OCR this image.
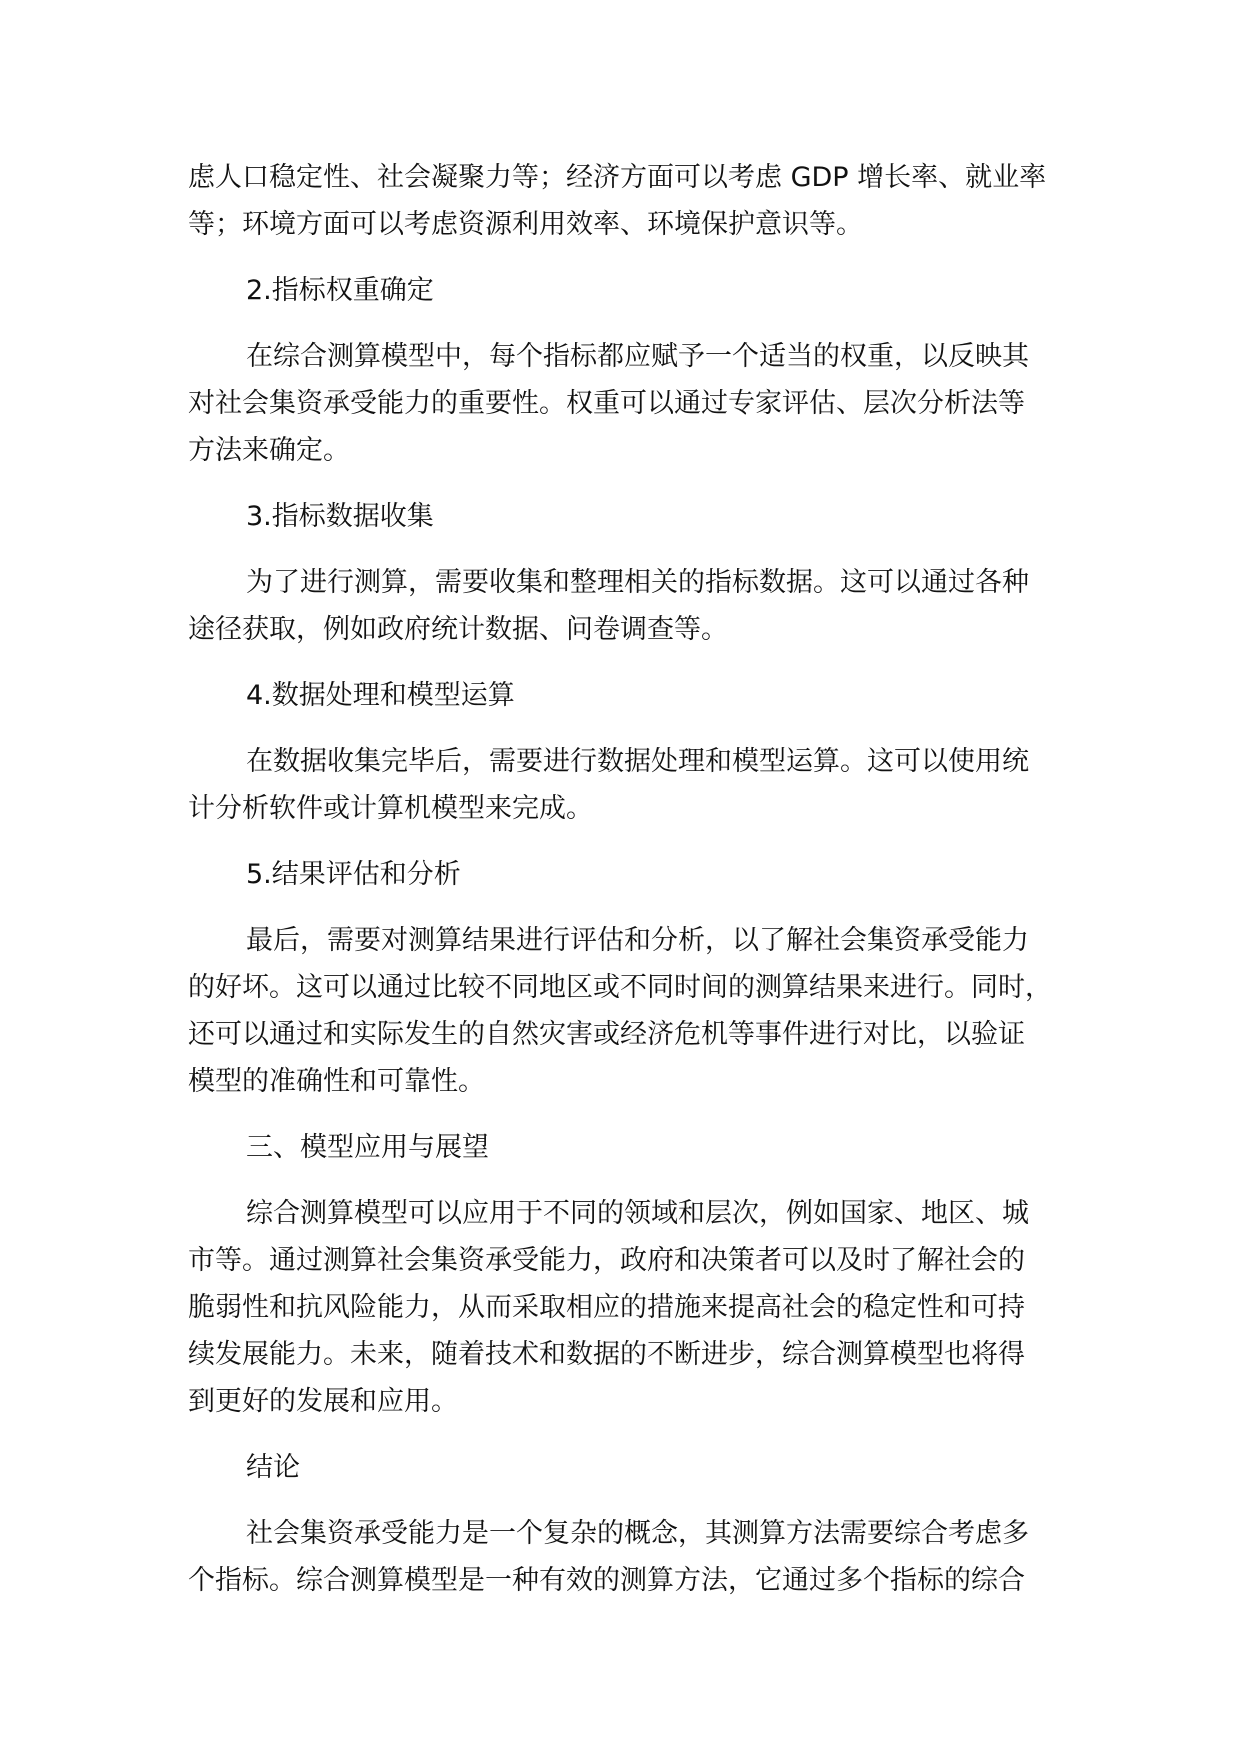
虑人口稳定性、社会凝聚力等；经济方面可以考虑 GDP 增长率、就业率
等；环境方面可以考虑资源利用效率、环境保护意识等。
2.指标权重确定
在综合测算模型中，每个指标都应赋予一个适当的权重，以反映其
对社会集资承受能力的重要性。权重可以通过专家评估、层次分析法等
方法来确定。
3.指标数据收集
为了进行测算，需要收集和整理相关的指标数据。这可以通过各种
途径获取，例如政府统计数据、问卷调查等。
4.数据处理和模型运算
在数据收集完毕后，需要进行数据处理和模型运算。这可以使用统
计分析软件或计算机模型来完成。
5.结果评估和分析
最后，需要对测算结果进行评估和分析，以了解社会集资承受能力
的好坏。这可以通过比较不同地区或不同时间的测算结果来进行。同时，
还可以通过和实际发生的自然灾害或经济危机等事件进行对比，以验证
模型的准确性和可靠性。
三、模型应用与展望
综合测算模型可以应用于不同的领域和层次，例如国家、地区、城
市等。通过测算社会集资承受能力，政府和决策者可以及时了解社会的
脆弱性和抗风险能力，从而采取相应的措施来提高社会的稳定性和可持
续发展能力。未来，随着技术和数据的不断进步，综合测算模型也将得
到更好的发展和应用。
结论
社会集资承受能力是一个复杂的概念，其测算方法需要综合考虑多
个指标。综合测算模型是一种有效的测算方法，它通过多个指标的综合
